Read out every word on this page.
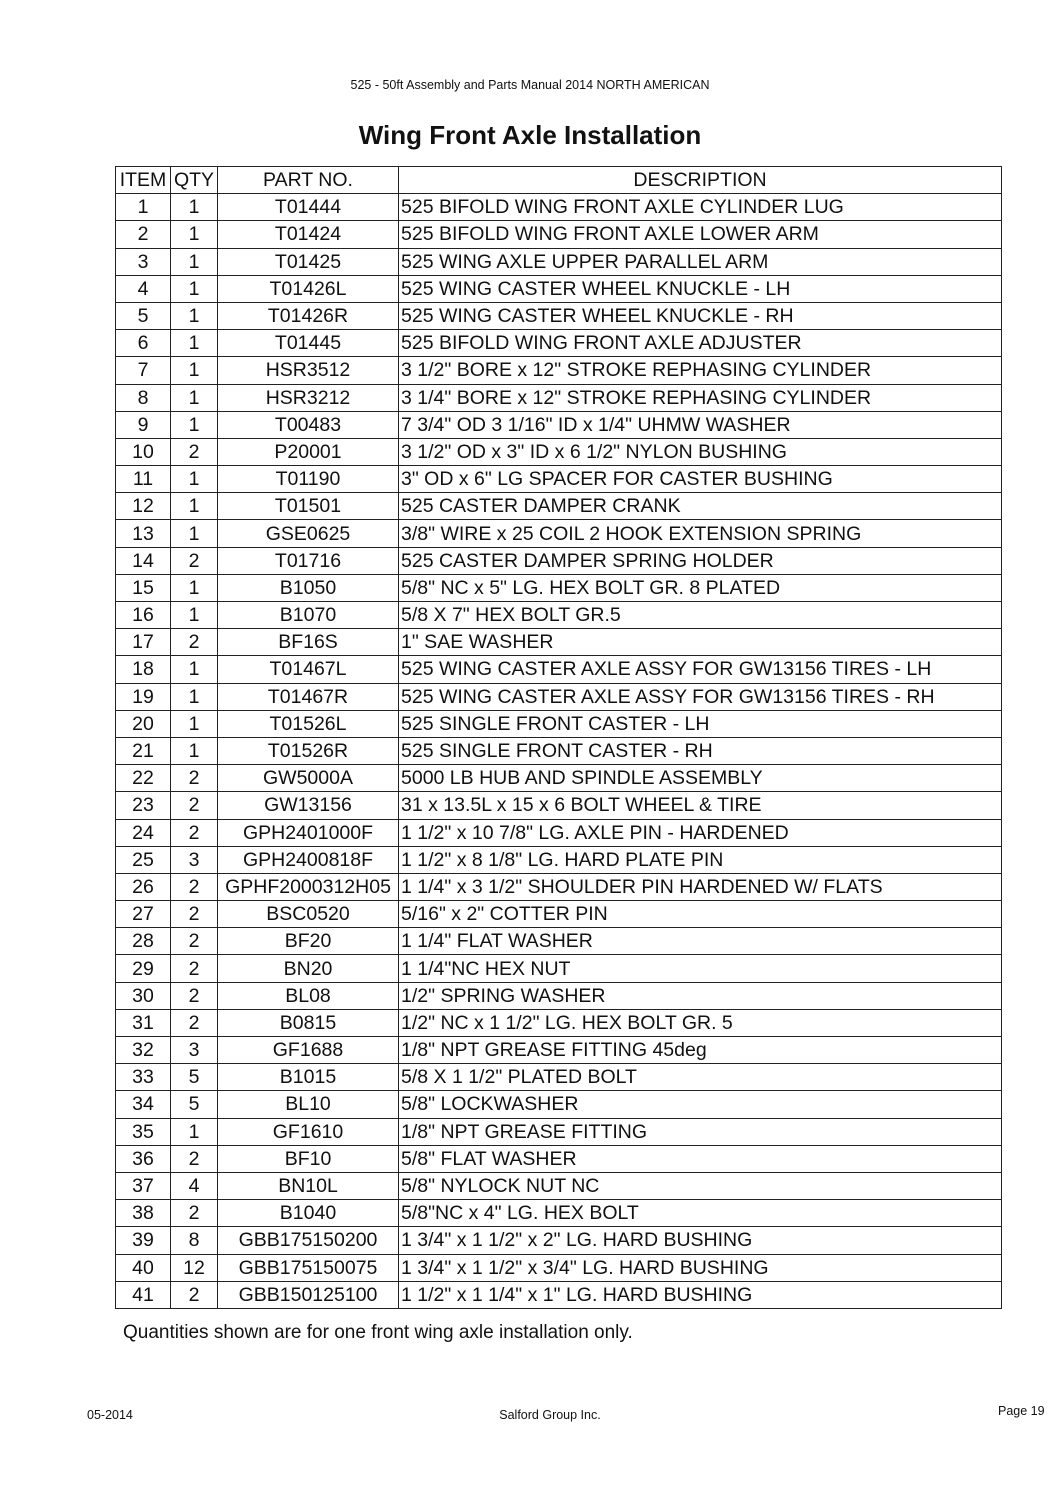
525 - 50ft Assembly and Parts Manual 2014 NORTH AMERICAN
Wing Front Axle Installation
ITEM	QTY	PART NO.	DESCRIPTION
1	1	T01444	525 BIFOLD WING FRONT AXLE CYLINDER LUG
2	1	T01424	525 BIFOLD WING FRONT AXLE LOWER ARM
3	1	T01425	525 WING AXLE UPPER PARALLEL ARM
4	1	T01426L	525 WING CASTER WHEEL KNUCKLE - LH
5	1	T01426R	525 WING CASTER WHEEL KNUCKLE - RH
6	1	T01445	525 BIFOLD WING FRONT AXLE ADJUSTER
7	1	HSR3512	3 1/2" BORE x 12" STROKE REPHASING CYLINDER
8	1	HSR3212	3 1/4" BORE x 12" STROKE REPHASING CYLINDER
9	1	T00483	7 3/4" OD 3 1/16" ID x 1/4" UHMW WASHER
10	2	P20001	3 1/2" OD x 3" ID x 6 1/2" NYLON BUSHING
11	1	T01190	3" OD x 6" LG SPACER FOR CASTER BUSHING
12	1	T01501	525 CASTER DAMPER CRANK
13	1	GSE0625	3/8" WIRE x 25 COIL 2 HOOK EXTENSION SPRING
14	2	T01716	525 CASTER DAMPER SPRING HOLDER
15	1	B1050	5/8" NC x 5" LG. HEX BOLT GR. 8 PLATED
16	1	B1070	5/8 X 7" HEX BOLT GR.5
17	2	BF16S	1" SAE WASHER
18	1	T01467L	525 WING CASTER AXLE ASSY FOR GW13156 TIRES - LH
19	1	T01467R	525 WING CASTER AXLE ASSY FOR GW13156 TIRES - RH
20	1	T01526L	525 SINGLE FRONT CASTER - LH
21	1	T01526R	525 SINGLE FRONT CASTER - RH
22	2	GW5000A	5000 LB HUB AND SPINDLE ASSEMBLY
23	2	GW13156	31 x 13.5L x 15 x 6 BOLT WHEEL & TIRE
24	2	GPH2401000F	1 1/2" x 10 7/8" LG. AXLE PIN - HARDENED
25	3	GPH2400818F	1 1/2" x 8 1/8" LG. HARD PLATE PIN
26	2	GPHF2000312H05	1 1/4" x 3 1/2" SHOULDER PIN HARDENED W/ FLATS
27	2	BSC0520	5/16" x 2" COTTER PIN
28	2	BF20	1 1/4" FLAT WASHER
29	2	BN20	1 1/4"NC HEX NUT
30	2	BL08	1/2" SPRING WASHER
31	2	B0815	1/2" NC x 1 1/2" LG. HEX BOLT GR. 5
32	3	GF1688	1/8" NPT GREASE FITTING 45deg
33	5	B1015	5/8 X 1 1/2" PLATED BOLT
34	5	BL10	5/8" LOCKWASHER
35	1	GF1610	1/8" NPT GREASE FITTING
36	2	BF10	5/8" FLAT WASHER
37	4	BN10L	5/8" NYLOCK NUT NC
38	2	B1040	5/8"NC x 4" LG. HEX BOLT
39	8	GBB175150200	1 3/4" x 1 1/2" x 2" LG. HARD BUSHING
40	12	GBB175150075	1 3/4" x 1 1/2" x 3/4" LG. HARD BUSHING
41	2	GBB150125100	1 1/2" x 1 1/4" x 1" LG. HARD BUSHING
Quantities shown are for one front wing axle installation only.
05-2014	Salford Group Inc.	Page 19
